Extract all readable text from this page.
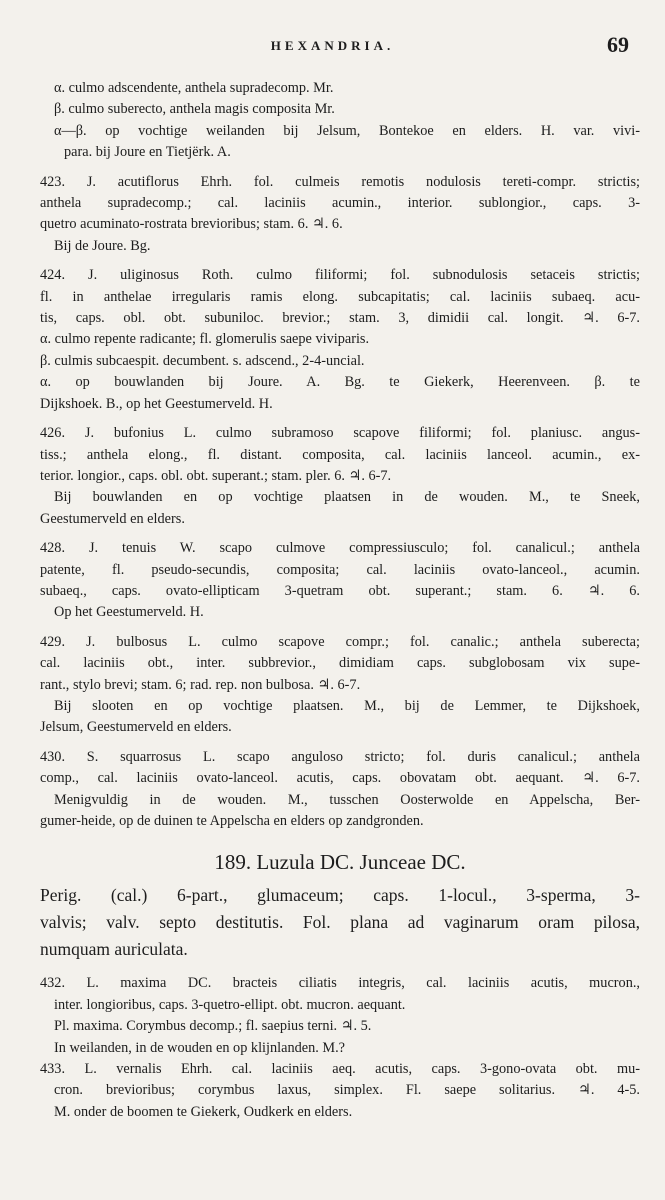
HEXANDRIA.	69
α. culmo adscendente, anthela supradecomp. Mr.
β. culmo suberecto, anthela magis composita Mr.
α—β. op vochtige weilanden bij Jelsum, Bontekoe en elders. H. var. vivi-
para. bij Joure en Tietjërk. A.
423. J. acutiflorus Ehrh. fol. culmeis remotis nodulosis tereti-compr. strictis;
anthela supradecomp.; cal. laciniis acumin., interior. sublongior., caps. 3-
quetro acuminato-rostrata brevioribus; stam. 6. ♃. 6.
Bij de Joure. Bg.
424. J. uliginosus Roth. culmo filiformi; fol. subnodulosis setaceis strictis;
fl. in anthelae irregularis ramis elong. subcapitatis; cal. laciniis subaeq. acu-
tis, caps. obl. obt. subuniloc. brevior.; stam. 3, dimidii cal. longit. ♃. 6-7.
α. culmo repente radicante; fl. glomerulis saepe viviparis.
β. culmis subcaespit. decumbent. s. adscend., 2-4-uncial.
α. op bouwlanden bij Joure. A. Bg. te Giekerk, Heerenveen. β. te
Dijkshoek. B., op het Geestumerveld. H.
426. J. bufonius L. culmo subramoso scapove filiformi; fol. planiusc. angus-
tiss.; anthela elong., fl. distant. composita, cal. laciniis lanceol. acumin., ex-
terior. longior., caps. obl. obt. superant.; stam. pler. 6. ♃. 6-7.
Bij bouwlanden en op vochtige plaatsen in de wouden. M., te Sneek,
Geestumerveld en elders.
428. J. tenuis W. scapo culmove compressiusculo; fol. canalicul.; anthela
patente, fl. pseudo-secundis, composita; cal. laciniis ovato-lanceol., acumin.
subaeq., caps. ovato-ellipticam 3-quetram obt. superant.; stam. 6. ♃. 6.
Op het Geestumerveld. H.
429. J. bulbosus L. culmo scapove compr.; fol. canalic.; anthela suberecta;
cal. laciniis obt., inter. subbrevior., dimidiam caps. subglobosam vix supe-
rant., stylo brevi; stam. 6; rad. rep. non bulbosa. ♃. 6-7.
Bij slooten en op vochtige plaatsen. M., bij de Lemmer, te Dijkshoek,
Jelsum, Geestumerveld en elders.
430. S. squarrosus L. scapo anguloso stricto; fol. duris canalicul.; anthela
comp., cal. laciniis ovato-lanceol. acutis, caps. obovatam obt. aequant. ♃. 6-7.
Menigvuldig in de wouden. M., tusschen Oosterwolde en Appelscha, Ber-
gumer-heide, op de duinen te Appelscha en elders op zandgronden.
189. Luzula DC. Junceae DC.
Perig. (cal.) 6-part., glumaceum; caps. 1-locul., 3-sperma, 3-
valvis; valv. septo destitutis. Fol. plana ad vaginarum oram pilosa,
numquam auriculata.
432. L. maxima DC. bracteis ciliatis integris, cal. laciniis acutis, mucron.,
inter. longioribus, caps. 3-quetro-ellipt. obt. mucron. aequant.
Pl. maxima. Corymbus decomp.; fl. saepius terni. ♃. 5.
In weilanden, in de wouden en op klijnlanden. M.?
433. L. vernalis Ehrh. cal. laciniis aeq. acutis, caps. 3-gono-ovata obt. mu-
cron. brevioribus; corymbus laxus, simplex. Fl. saepe solitarius. ♃. 4-5.
M. onder de boomen te Giekerk, Oudkerk en elders.
